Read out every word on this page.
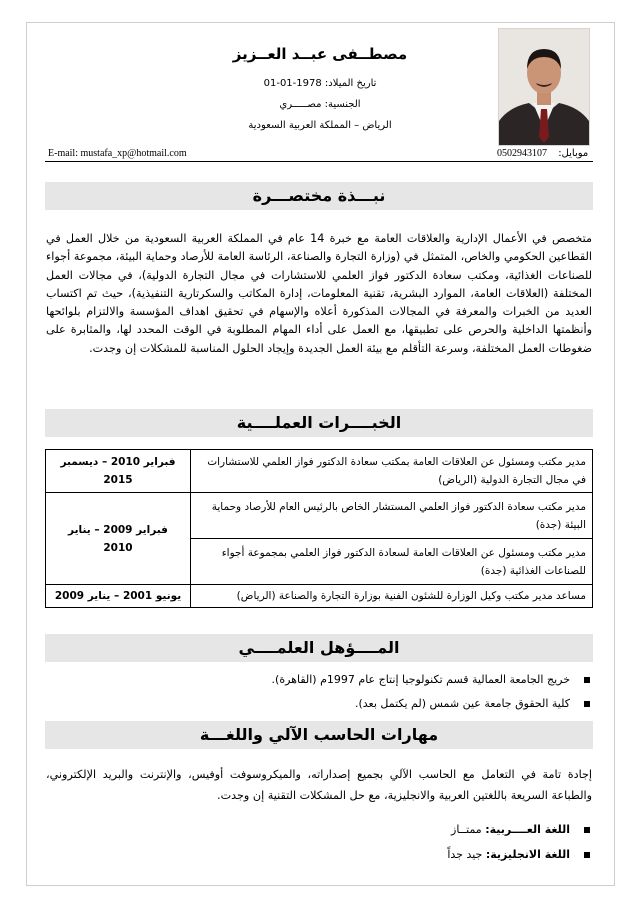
مصطــفى عبــد العــزيز
تاريخ الميلاد: 1978-01-01
الجنسية: مصـــــري
الرياض – المملكة العربية السعودية
E-mail: mustafa_xp@hotmail.com	موبايل: 0502943107
نبـــذة مختصـــرة
متخصص في الأعمال الإدارية والعلاقات العامة مع خبرة 14 عام في المملكة العربية السعودية من خلال العمل في القطاعين الحكومي والخاص، المتمثل في (وزارة التجارة والصناعة، الرئاسة العامة للأرصاد وحماية البيئة، مجموعة أجواء للصناعات الغذائية، ومكتب سعادة الدكتور فواز العلمي للاستشارات في مجال التجارة الدولية)، في مجالات العمل المختلفة (العلاقات العامة، الموارد البشرية، تقنية المعلومات، إدارة المكاتب والسكرتارية التنفيذية)، حيث تم اكتساب العديد من الخبرات والمعرفة في المجالات المذكورة أعلاه والإسهام في تحقيق اهداف المؤسسة والالتزام بلوائحها وأنظمتها الداخلية والحرص على تطبيقها، مع العمل على أداء المهام المطلوبة في الوقت المحدد لها، والمثابرة على ضغوطات العمل المختلفة، وسرعة التأقلم مع بيئة العمل الجديدة وإيجاد الحلول المناسبة للمشكلات إن وجدت.
الخبــــرات العملــــية
مدير مكتب ومسئول عن العلاقات العامة بمكتب سعادة الدكتور فواز العلمي للاستشارات في مجال التجارة الدولية (الرياض)	فبراير 2010 – ديسمبر 2015
مدير مكتب سعادة الدكتور فواز العلمي المستشار الخاص بالرئيس العام للأرصاد وحماية البيئة (جدة)	فبراير 2009 – يناير 2010
مدير مكتب ومسئول عن العلاقات العامة لسعادة الدكتور فواز العلمي بمجموعة أجواء للصناعات الغذائية (جدة)	
مساعد مدير مكتب وكيل الوزارة للشئون الفنية بوزارة التجارة والصناعة (الرياض)	يونيو 2001 – يناير 2009
المــــؤهل العلمــــي
خريج الجامعة العمالية قسم تكنولوجيا إنتاج عام 1997م (القاهرة).
كلية الحقوق جامعة عين شمس (لم يكتمل بعد).
مهارات الحاسب الآلي واللغـــة
إجادة تامة في التعامل مع الحاسب الآلي بجميع إصداراته، والميكروسوفت أوفيس، والإنترنت والبريد الإلكتروني، والطباعة السريعة باللغتين العربية والانجليزية، مع حل المشكلات التقنية إن وجدت.
اللغة العــــربية: ممتــاز
اللغة الانجليزية: جيد جداً
